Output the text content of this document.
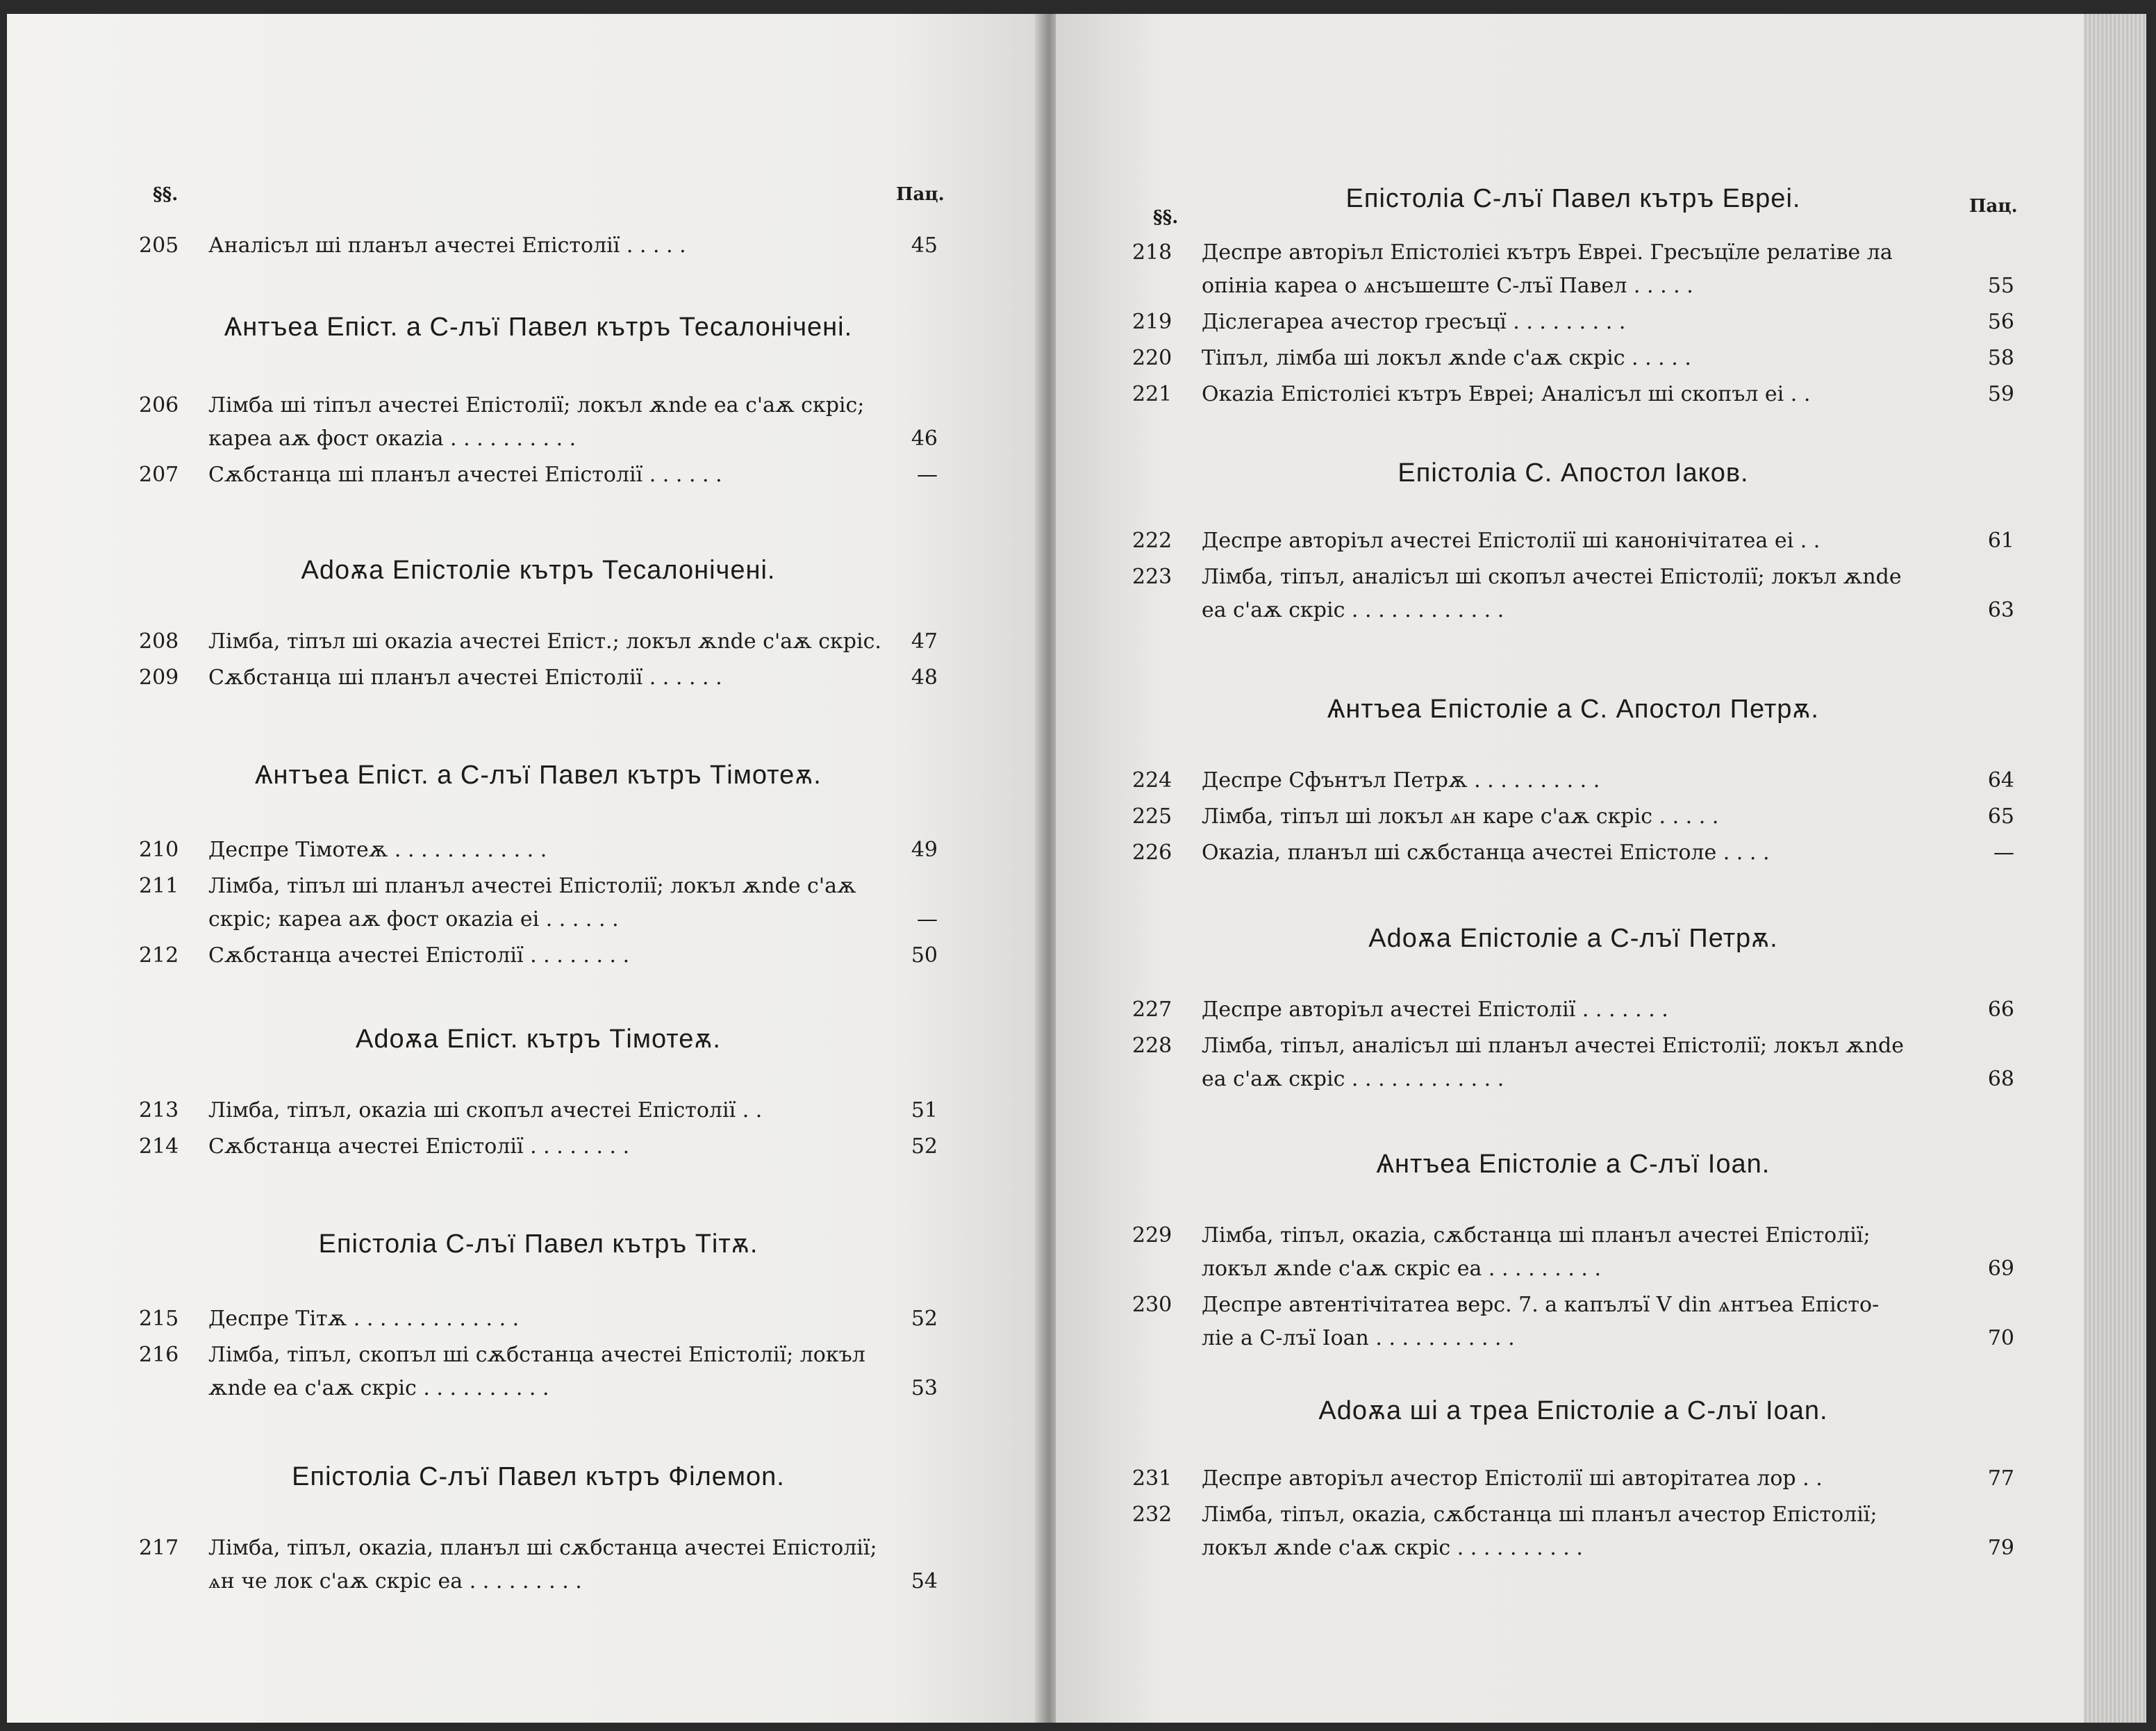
§§.	Пац.
205	Аналісъл ші планъл ачестеі Епістолії . . . . .	45
Ѧнтъеа Епіст. а С-лъї Павел кътръ Тесалонічені.
206	Лімба ші тіпъл ачестеі Епістолії; локъл ѫnde еа с'аѫ скріс;
кареа аѫ фост окаzіа . . . . . . . . . .	46
207	Сѫбстанца ші планъл ачестеі Епістолії . . . . . .	—
Adoѫа Епістоліе кътръ Тесалонічені.
208	Лімба, тіпъл ші окаzіа ачестеі Епіст.; локъл ѫnde с'аѫ скріс.	47
209	Сѫбстанца ші планъл ачестеі Епістолії . . . . . .	48
Ѧнтъеа Епіст. а С-лъї Павел кътръ Тімотеѫ.
210	Деспре Тімотеѫ . . . . . . . . . . . .	49
211	Лімба, тіпъл ші планъл ачестеі Епістолії; локъл ѫnde с'аѫ
скріс; кареа аѫ фост окаzіа еі . . . . . .	—
212	Сѫбстанца ачестеі Епістолії . . . . . . . .	50
Adoѫа Епіст. кътръ Тімотеѫ.
213	Лімба, тіпъл, окаzіа ші скопъл ачестеі Епістолії . .	51
214	Сѫбстанца ачестеі Епістолії . . . . . . . .	52
Епістоліа С-лъї Павел кътръ Тітѫ.
215	Деспре Тітѫ . . . . . . . . . . . . .	52
216	Лімба, тіпъл, скопъл ші сѫбстанца ачестеі Епістолії; локъл
ѫnde еа с'аѫ скріс . . . . . . . . . .	53
Епістоліа С-лъї Павел кътръ Філемоn.
217	Лімба, тіпъл, окаzіа, планъл ші сѫбстанца ачестеі Епістолії;
ѧн че лок с'аѫ скріс еа . . . . . . . . .	54
§§.
Пац.
Епістоліа С-лъї Павел кътръ Евреі.
218	Деспре авторіъл Епістолієі кътръ Евреі. Гресъцїле релатіве ла
опініа кареа о ѧнсъшеште С-лъї Павел . . . . .	55
219	Діслегареа ачестор гресъцї . . . . . . . . .	56
220	Тіпъл, лімба ші локъл ѫnde с'аѫ скріс . . . . .	58
221	Окаzіа Епістолієі кътръ Евреі; Аналісъл ші скопъл еі . .	59
Епістоліа С. Апостол Іаков.
222	Деспре авторіъл ачестеі Епістолії ші канонічітатеа еі . .	61
223	Лімба, тіпъл, аналісъл ші скопъл ачестеі Епістолії; локъл ѫnde
еа с'аѫ скріс . . . . . . . . . . . .	63
Ѧнтъеа Епістоліе а С. Апостол Петрѫ.
224	Деспре Сфънтъл Петрѫ . . . . . . . . . .	64
225	Лімба, тіпъл ші локъл ѧн каре с'аѫ скріс . . . . .	65
226	Окаzіа, планъл ші сѫбстанца ачестеі Епістоле . . . .	—
Adoѫа Епістоліе а С-лъї Петрѫ.
227	Деспре авторіъл ачестеі Епістолії . . . . . . .	66
228	Лімба, тіпъл, аналісъл ші планъл ачестеі Епістолії; локъл ѫnde
еа с'аѫ скріс . . . . . . . . . . . .	68
Ѧнтъеа Епістоліе а С-лъї Іоаn.
229	Лімба, тіпъл, окаzіа, сѫбстанца ші планъл ачестеі Епістолії;
локъл ѫnde с'аѫ скріс еа . . . . . . . . .	69
230	Деспре автентічітатеа верс. 7. а капълъї V din ѧнтъеа Епісто-
ліе а С-лъї Іоаn . . . . . . . . . . .	70
Adoѫа ші а треа Епістоліе а С-лъї Іоаn.
231	Деспре авторіъл ачестор Епістолії ші авторітатеа лор . .	77
232	Лімба, тіпъл, окаzіа, сѫбстанца ші планъл ачестор Епістолії;
локъл ѫnde с'аѫ скріс . . . . . . . . . .	79
